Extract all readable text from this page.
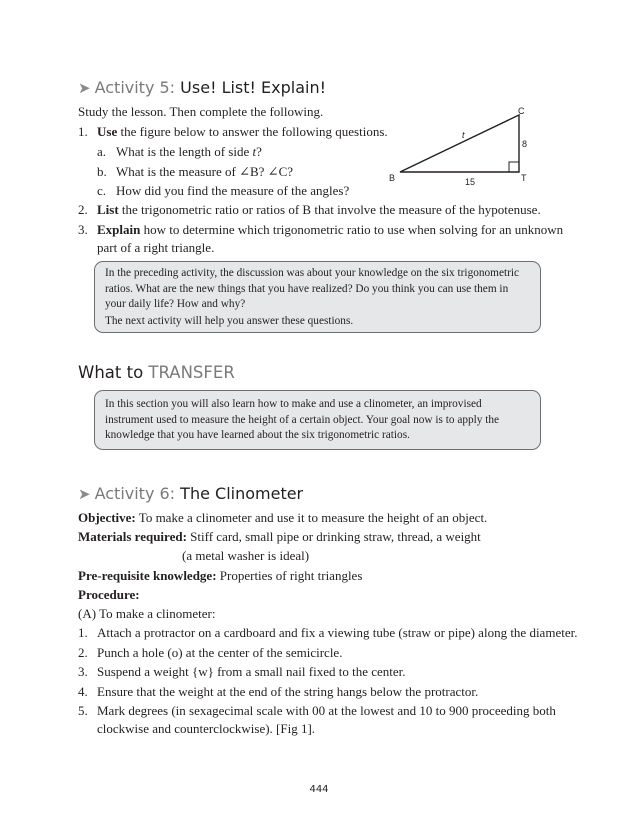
➤ Activity 5: Use! List! Explain!
Study the lesson. Then complete the following.
1. Use the figure below to answer the following questions.
a. What is the length of side t?
b. What is the measure of ∠B? ∠C?
c. How did you find the measure of the angles?
2. List the trigonometric ratio or ratios of B that involve the measure of the hypotenuse.
3. Explain how to determine which trigonometric ratio to use when solving for an unknown
part of a right triangle.
B
C
T
t
8
15
In the preceding activity, the discussion was about your knowledge on the six trigonometric
ratios. What are the new things that you have realized? Do you think you can use them in
your daily life? How and why?
The next activity will help you answer these questions.
What to TRANSFER
In this section you will also learn how to make and use a clinometer, an improvised
instrument used to measure the height of a certain object. Your goal now is to apply the
knowledge that you have learned about the six trigonometric ratios.
➤ Activity 6: The Clinometer
Objective: To make a clinometer and use it to measure the height of an object.
Materials required: Stiff card, small pipe or drinking straw, thread, a weight
(a metal washer is ideal)
Pre-requisite knowledge: Properties of right triangles
Procedure:
(A) To make a clinometer:
1. Attach a protractor on a cardboard and fix a viewing tube (straw or pipe) along the diameter.
2. Punch a hole (o) at the center of the semicircle.
3. Suspend a weight {w} from a small nail fixed to the center.
4. Ensure that the weight at the end of the string hangs below the protractor.
5. Mark degrees (in sexagecimal scale with 00 at the lowest and 10 to 900 proceeding both
clockwise and counterclockwise). [Fig 1].
444
